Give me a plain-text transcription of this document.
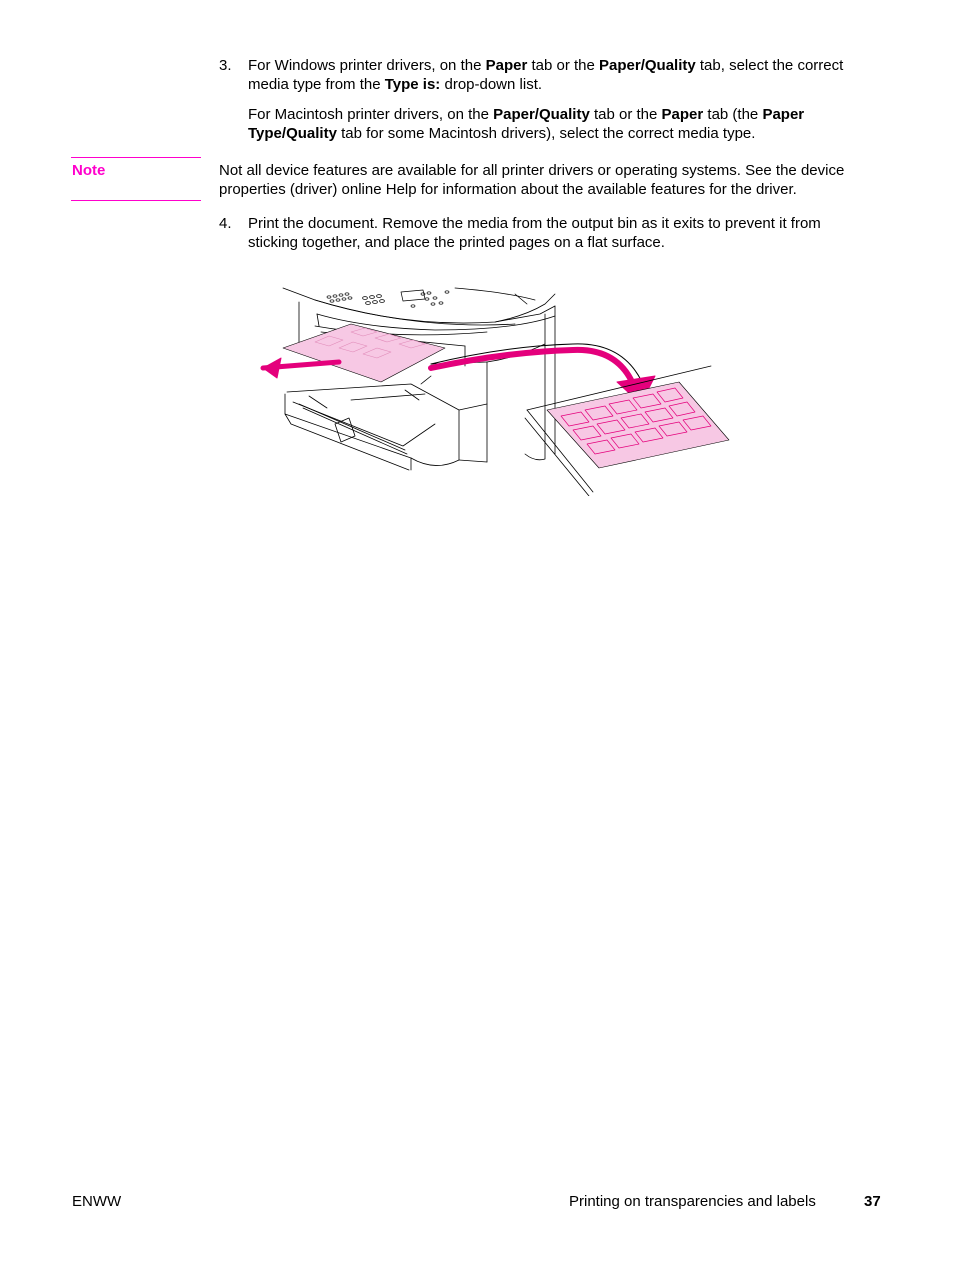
3. For Windows printer drivers, on the Paper tab or the Paper/Quality tab, select the correct
media type from the Type is: drop-down list.

For Macintosh printer drivers, on the Paper/Quality tab or the Paper tab (the Paper
Type/Quality tab for some Macintosh drivers), select the correct media type.

Note	Not all device features are available for all printer drivers or operating systems. See the device
properties (driver) online Help for information about the available features for the driver.

4. Print the document. Remove the media from the output bin as it exits to prevent it from
sticking together, and place the printed pages on a flat surface.

ENWW	Printing on transparencies and labels	37
